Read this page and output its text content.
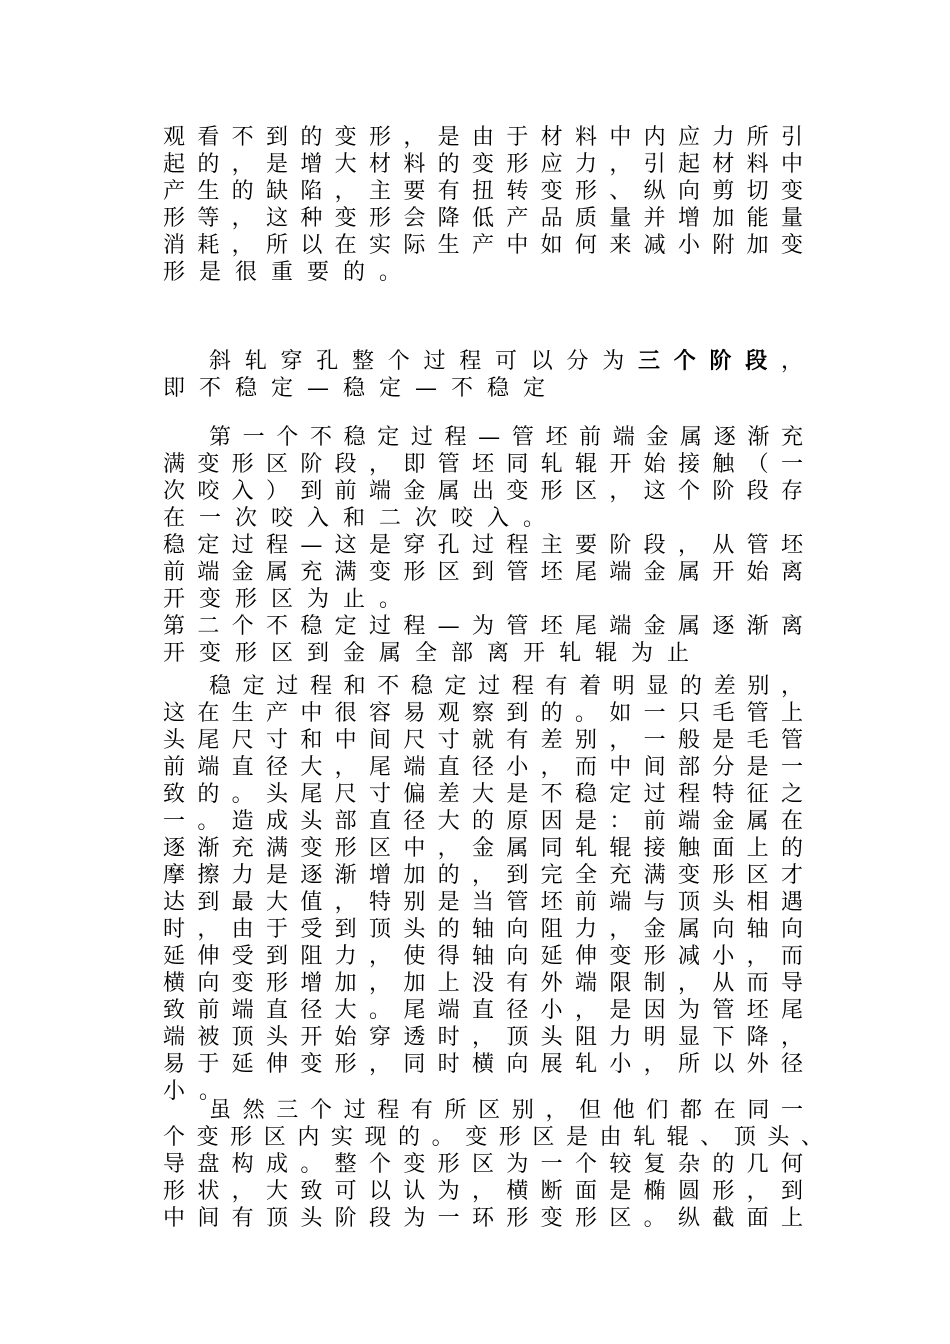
观看不到的变形，是由于材料中内应力所引
起的，是增大材料的变形应力，引起材料中
产生的缺陷，主要有扭转变形、纵向剪切变
形等，这种变形会降低产品质量并增加能量
消耗，所以在实际生产中如何来减小附加变
形是很重要的。
斜轧穿孔整个过程可以分为三个阶段，
即不稳定—稳定—不稳定
第一个不稳定过程—管坯前端金属逐渐充
满变形区阶段，即管坯同轧辊开始接触（一
次咬入）到前端金属出变形区，这个阶段存
在一次咬入和二次咬入。
稳定过程—这是穿孔过程主要阶段，从管坯
前端金属充满变形区到管坯尾端金属开始离
开变形区为止。
第二个不稳定过程—为管坯尾端金属逐渐离
开变形区到金属全部离开轧辊为止
稳定过程和不稳定过程有着明显的差别，
这在生产中很容易观察到的。如一只毛管上
头尾尺寸和中间尺寸就有差别，一般是毛管
前端直径大，尾端直径小，而中间部分是一
致的。头尾尺寸偏差大是不稳定过程特征之
一。造成头部直径大的原因是：前端金属在
逐渐充满变形区中，金属同轧辊接触面上的
摩擦力是逐渐增加的，到完全充满变形区才
达到最大值，特别是当管坯前端与顶头相遇
时，由于受到顶头的轴向阻力，金属向轴向
延伸受到阻力，使得轴向延伸变形减小，而
横向变形增加，加上没有外端限制，从而导
致前端直径大。尾端直径小，是因为管坯尾
端被顶头开始穿透时，顶头阻力明显下降，
易于延伸变形，同时横向展轧小，所以外径
小。
虽然三个过程有所区别，但他们都在同一
个变形区内实现的。变形区是由轧辊、顶头、
导盘构成。整个变形区为一个较复杂的几何
形状，大致可以认为，横断面是椭圆形，到
中间有顶头阶段为一环形变形区。纵截面上
